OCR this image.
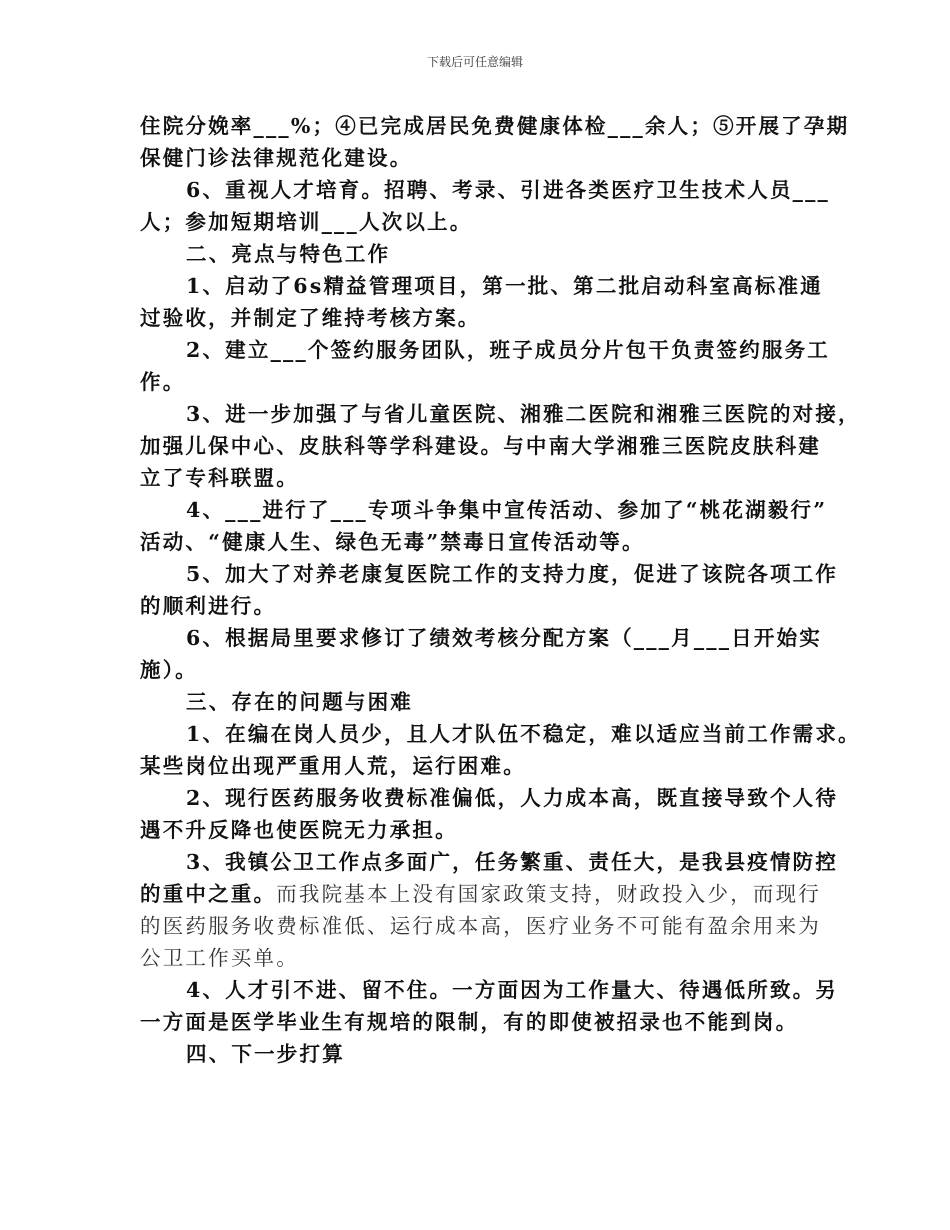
下载后可任意编辑
住院分娩率___%；④已完成居民免费健康体检___余人；⑤开展了孕期
保健门诊法律规范化建设。
6、重视人才培育。招聘、考录、引进各类医疗卫生技术人员___
人；参加短期培训___人次以上。
二、亮点与特色工作
1、启动了6s精益管理项目，第一批、第二批启动科室高标准通
过验收，并制定了维持考核方案。
2、建立___个签约服务团队，班子成员分片包干负责签约服务工
作。
3、进一步加强了与省儿童医院、湘雅二医院和湘雅三医院的对接，
加强儿保中心、皮肤科等学科建设。与中南大学湘雅三医院皮肤科建
立了专科联盟。
4、___进行了___专项斗争集中宣传活动、参加了“桃花湖毅行”
活动、“健康人生、绿色无毒”禁毒日宣传活动等。
5、加大了对养老康复医院工作的支持力度，促进了该院各项工作
的顺利进行。
6、根据局里要求修订了绩效考核分配方案（___月___日开始实
施）。
三、存在的问题与困难
1、在编在岗人员少，且人才队伍不稳定，难以适应当前工作需求。
某些岗位出现严重用人荒，运行困难。
2、现行医药服务收费标准偏低，人力成本高，既直接导致个人待
遇不升反降也使医院无力承担。
3、我镇公卫工作点多面广，任务繁重、责任大，是我县疫情防控
的重中之重。而我院基本上没有国家政策支持，财政投入少，而现行
的医药服务收费标准低、运行成本高，医疗业务不可能有盈余用来为
公卫工作买单。
4、人才引不进、留不住。一方面因为工作量大、待遇低所致。另
一方面是医学毕业生有规培的限制，有的即使被招录也不能到岗。
四、下一步打算
